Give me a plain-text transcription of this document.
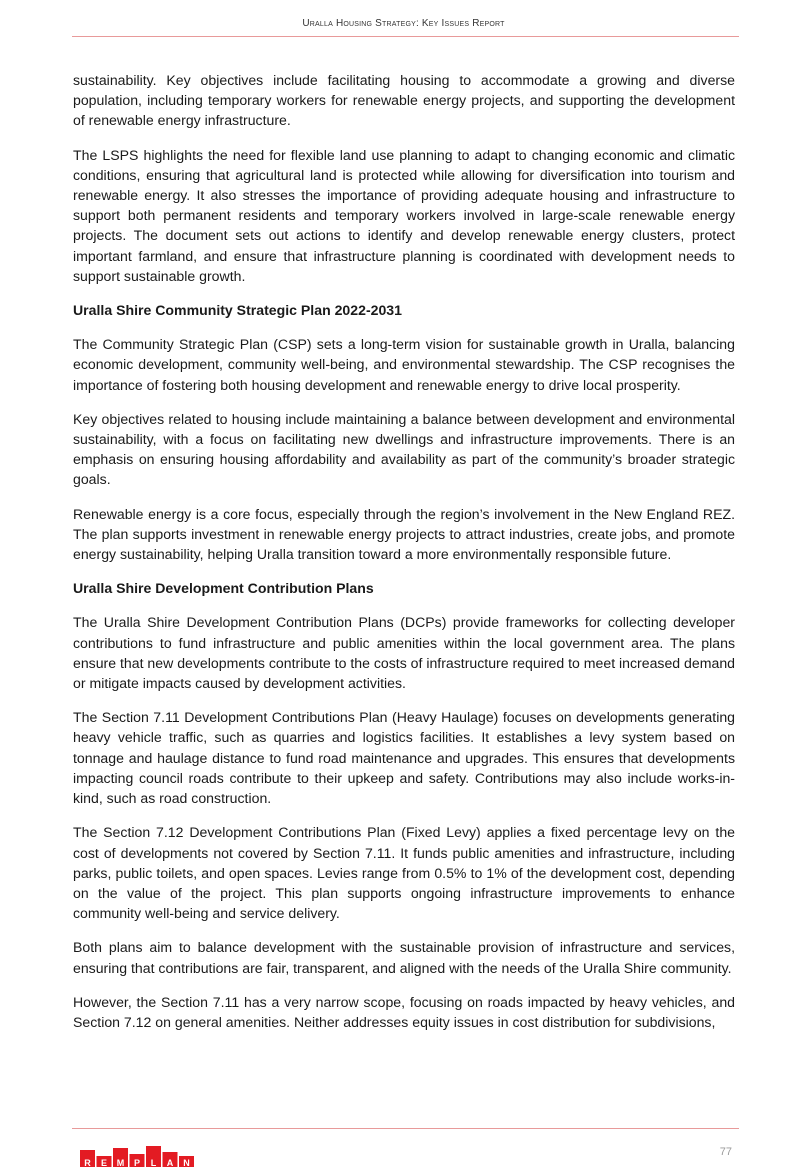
Uralla Housing Strategy: Key Issues Report

sustainability. Key objectives include facilitating housing to accommodate a growing and diverse population, including temporary workers for renewable energy projects, and supporting the development of renewable energy infrastructure.

The LSPS highlights the need for flexible land use planning to adapt to changing economic and climatic conditions, ensuring that agricultural land is protected while allowing for diversification into tourism and renewable energy. It also stresses the importance of providing adequate housing and infrastructure to support both permanent residents and temporary workers involved in large-scale renewable energy projects. The document sets out actions to identify and develop renewable energy clusters, protect important farmland, and ensure that infrastructure planning is coordinated with development needs to support sustainable growth.

Uralla Shire Community Strategic Plan 2022-2031

The Community Strategic Plan (CSP) sets a long-term vision for sustainable growth in Uralla, balancing economic development, community well-being, and environmental stewardship. The CSP recognises the importance of fostering both housing development and renewable energy to drive local prosperity.

Key objectives related to housing include maintaining a balance between development and environmental sustainability, with a focus on facilitating new dwellings and infrastructure improvements. There is an emphasis on ensuring housing affordability and availability as part of the community’s broader strategic goals.

Renewable energy is a core focus, especially through the region’s involvement in the New England REZ. The plan supports investment in renewable energy projects to attract industries, create jobs, and promote energy sustainability, helping Uralla transition toward a more environmentally responsible future.

Uralla Shire Development Contribution Plans

The Uralla Shire Development Contribution Plans (DCPs) provide frameworks for collecting developer contributions to fund infrastructure and public amenities within the local government area. The plans ensure that new developments contribute to the costs of infrastructure required to meet increased demand or mitigate impacts caused by development activities.

The Section 7.11 Development Contributions Plan (Heavy Haulage) focuses on developments generating heavy vehicle traffic, such as quarries and logistics facilities. It establishes a levy system based on tonnage and haulage distance to fund road maintenance and upgrades. This ensures that developments impacting council roads contribute to their upkeep and safety. Contributions may also include works-in-kind, such as road construction.

The Section 7.12 Development Contributions Plan (Fixed Levy) applies a fixed percentage levy on the cost of developments not covered by Section 7.11. It funds public amenities and infrastructure, including parks, public toilets, and open spaces. Levies range from 0.5% to 1% of the development cost, depending on the value of the project. This plan supports ongoing infrastructure improvements to enhance community well-being and service delivery.

Both plans aim to balance development with the sustainable provision of infrastructure and services, ensuring that contributions are fair, transparent, and aligned with the needs of the Uralla Shire community.

However, the Section 7.11 has a very narrow scope, focusing on roads impacted by heavy vehicles, and Section 7.12 on general amenities. Neither addresses equity issues in cost distribution for subdivisions,

R E M P L A N
77
